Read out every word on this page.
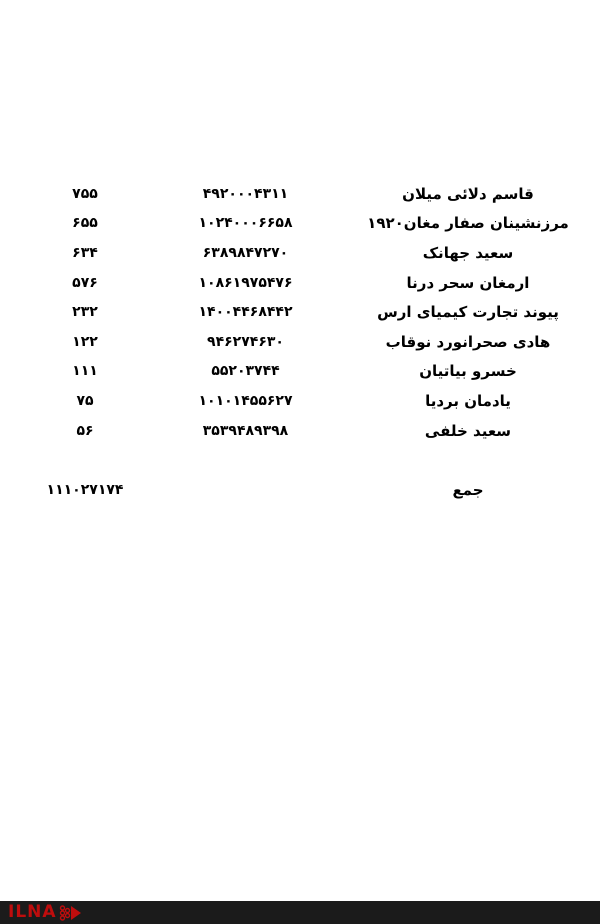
۷۵۵	۴۹۲۰۰۰۴۳۱۱	قاسم دلائی میلان
۶۵۵	۱۰۲۴۰۰۰۶۶۵۸	مرزنشینان صفار مغان۱۹۲۰
۶۳۴	۶۳۸۹۸۴۷۲۷۰	سعید جهانک
۵۷۶	۱۰۸۶۱۹۷۵۴۷۶	ارمغان سحر درنا
۲۳۲	۱۴۰۰۴۴۶۸۴۴۲	پیوند تجارت کیمیای ارس
۱۲۲	۹۴۶۲۷۴۶۳۰	هادی صحرانورد نوقاب
۱۱۱	۵۵۲۰۳۷۴۴	خسرو بیاتیان
۷۵	۱۰۱۰۱۴۵۵۶۲۷	یادمان بردیا
۵۶	۳۵۳۹۴۸۹۳۹۸	سعید خلفی
۱۱۱۰۲۷۱۷۴	جمع
ILNA
